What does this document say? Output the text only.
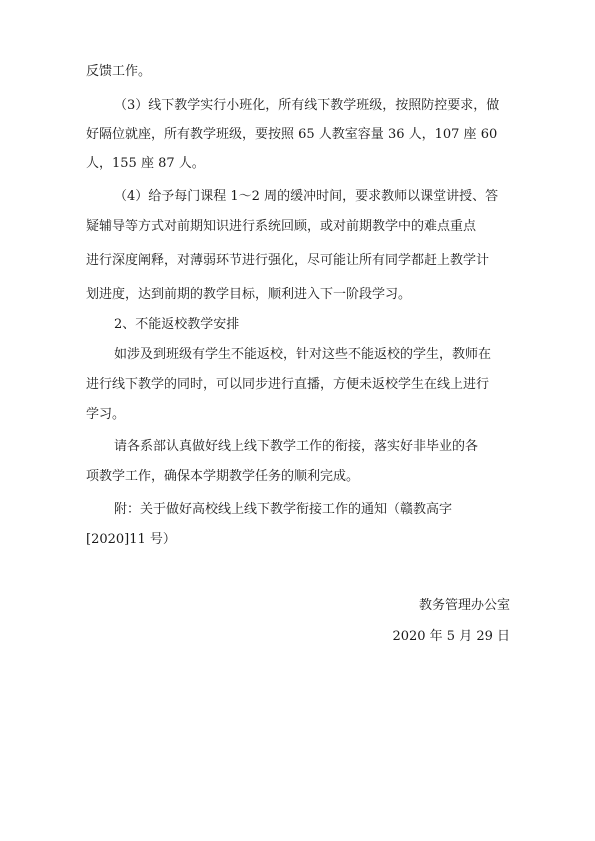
反馈工作。
（3）线下教学实行小班化，所有线下教学班级，按照防控要求，做
好隔位就座，所有教学班级，要按照 65 人教室容量 36 人，107 座 60
人，155 座 87 人。
（4）给予每门课程 1～2 周的缓冲时间，要求教师以课堂讲授、答
疑辅导等方式对前期知识进行系统回顾，或对前期教学中的难点重点
进行深度阐释，对薄弱环节进行强化，尽可能让所有同学都赶上教学计
划进度，达到前期的教学目标，顺利进入下一阶段学习。
2、不能返校教学安排
如涉及到班级有学生不能返校，针对这些不能返校的学生，教师在
进行线下教学的同时，可以同步进行直播，方便未返校学生在线上进行
学习。
请各系部认真做好线上线下教学工作的衔接，落实好非毕业的各
项教学工作，确保本学期教学任务的顺利完成。
附：关于做好高校线上线下教学衔接工作的通知（赣教高字
[2020]11 号）
教务管理办公室
2020 年 5 月 29 日
